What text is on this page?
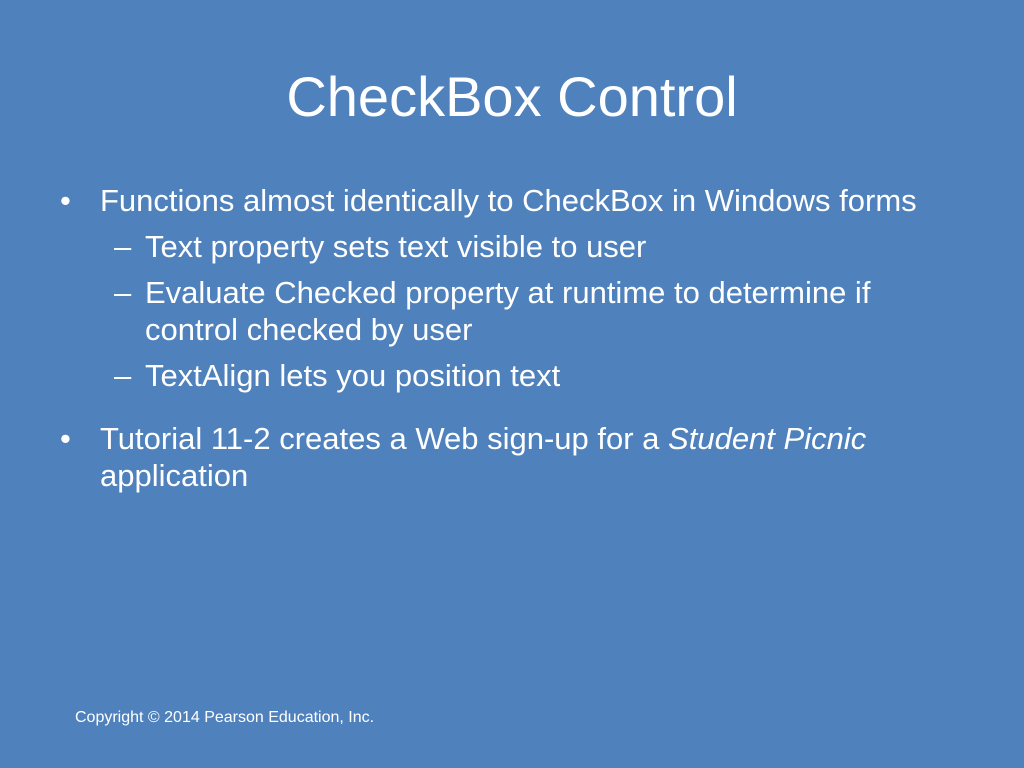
CheckBox Control
• Functions almost identically to CheckBox in Windows forms
– Text property sets text visible to user
– Evaluate Checked property at runtime to determine if control checked by user
– TextAlign lets you position text
• Tutorial 11-2 creates a Web sign-up for a Student Picnic application
Copyright © 2014 Pearson Education, Inc.
